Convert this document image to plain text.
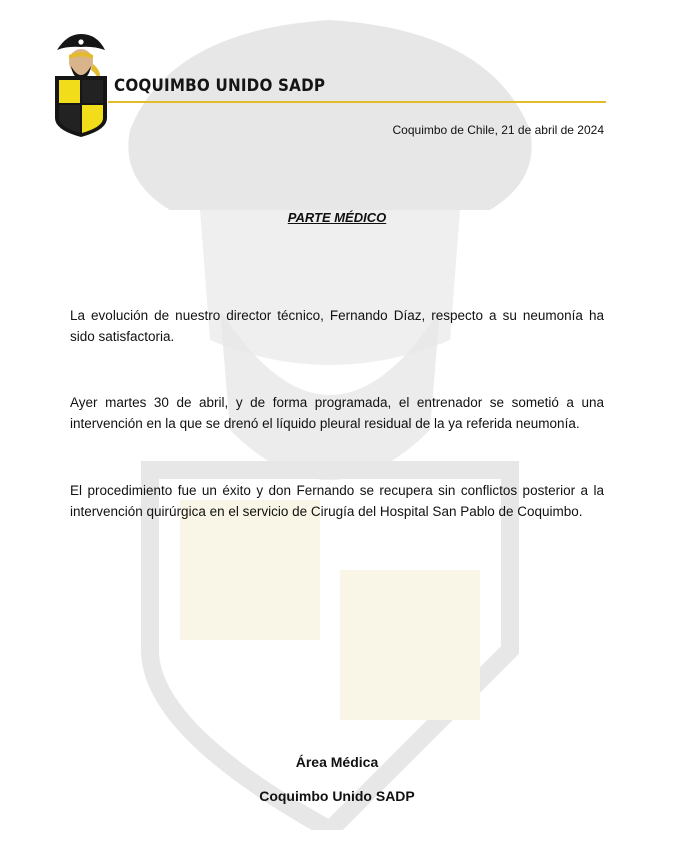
COQUIMBO UNIDO SADP
Coquimbo de Chile, 21 de abril de 2024
PARTE MÉDICO
La evolución de nuestro director técnico, Fernando Díaz, respecto a su neumonía ha sido satisfactoria.
Ayer martes 30 de abril, y de forma programada, el entrenador se sometió a una intervención en la que se drenó el líquido pleural residual de la ya referida neumonía.
El procedimiento fue un éxito y don Fernando se recupera sin conflictos posterior a la intervención quirúrgica en el servicio de Cirugía del Hospital San Pablo de Coquimbo.
Área Médica
Coquimbo Unido SADP
